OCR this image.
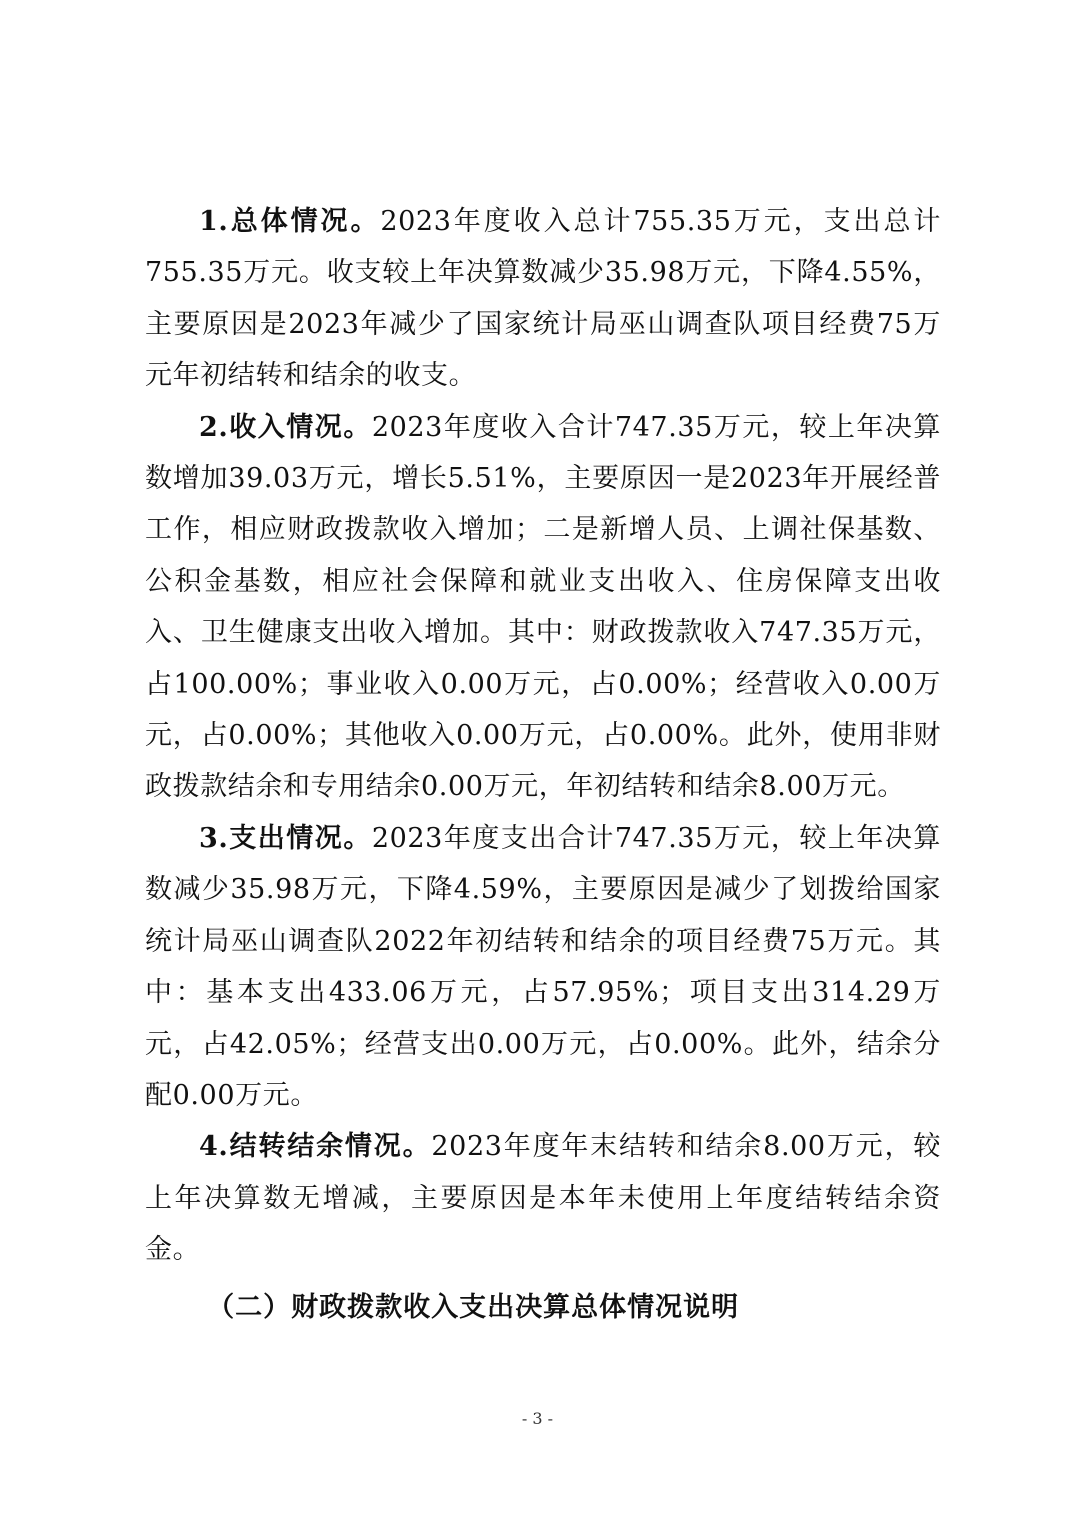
1.总体情况。2023年度收入总计755.35万元，支出总计755.35万元。收支较上年决算数减少35.98万元，下降4.55%，主要原因是2023年减少了国家统计局巫山调查队项目经费75万元年初结转和结余的收支。

2.收入情况。2023年度收入合计747.35万元，较上年决算数增加39.03万元，增长5.51%，主要原因一是2023年开展经普工作，相应财政拨款收入增加；二是新增人员、上调社保基数、公积金基数，相应社会保障和就业支出收入、住房保障支出收入、卫生健康支出收入增加。其中：财政拨款收入747.35万元，占100.00%；事业收入0.00万元，占0.00%；经营收入0.00万元，占0.00%；其他收入0.00万元，占0.00%。此外，使用非财政拨款结余和专用结余0.00万元，年初结转和结余8.00万元。

3.支出情况。2023年度支出合计747.35万元，较上年决算数减少35.98万元，下降4.59%，主要原因是减少了划拨给国家统计局巫山调查队2022年初结转和结余的项目经费75万元。其中：基本支出433.06万元，占57.95%；项目支出314.29万元，占42.05%；经营支出0.00万元，占0.00%。此外，结余分配0.00万元。

4.结转结余情况。2023年度年末结转和结余8.00万元，较上年决算数无增减，主要原因是本年未使用上年度结转结余资金。

（二）财政拨款收入支出决算总体情况说明

- 3 -
